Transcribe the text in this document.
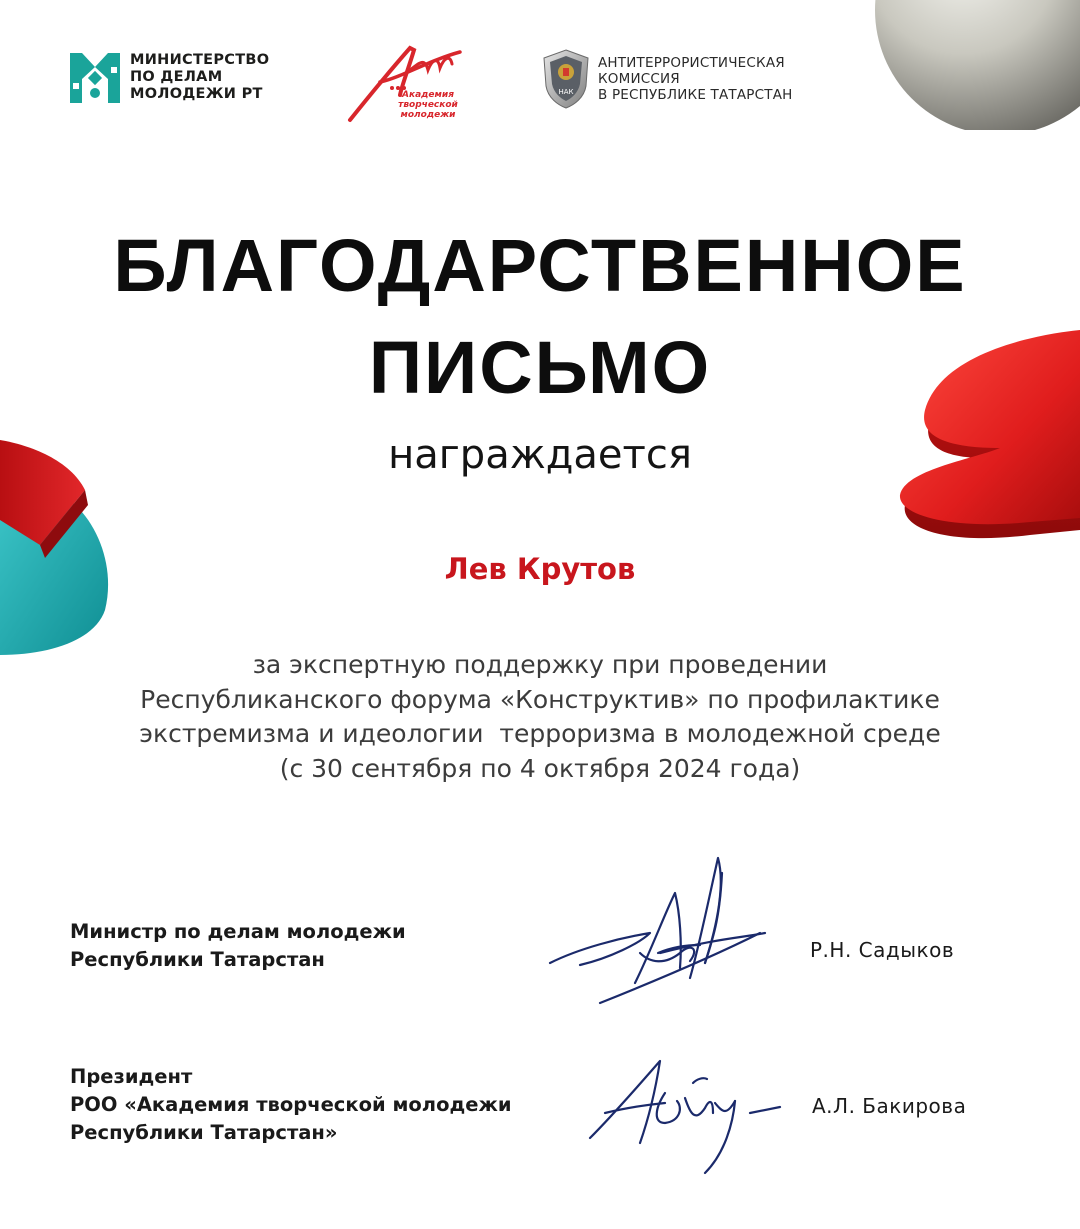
МИНИСТЕРСТВО
ПО ДЕЛАМ
МОЛОДЕЖИ РТ	Академия
творческой молодежи
НАК
АНТИТЕРРОРИСТИЧЕСКАЯ
КОМИССИЯ
В РЕСПУБЛИКЕ ТАТАРСТАН
БЛАГОДАРСТВЕННОЕ
ПИСЬМО
награждается
Лев Крутов
за экспертную поддержку при проведении
Республиканского форума «Конструктив» по профилактике
экстремизма и идеологии  терроризма в молодежной среде
(с 30 сентября по 4 октября 2024 года)
Министр по делам молодежи
Республики Татарстан	Р.Н. Садыков
Президент
РОО «Академия творческой молодежи
Республики Татарстан»
А.Л. Бакирова
